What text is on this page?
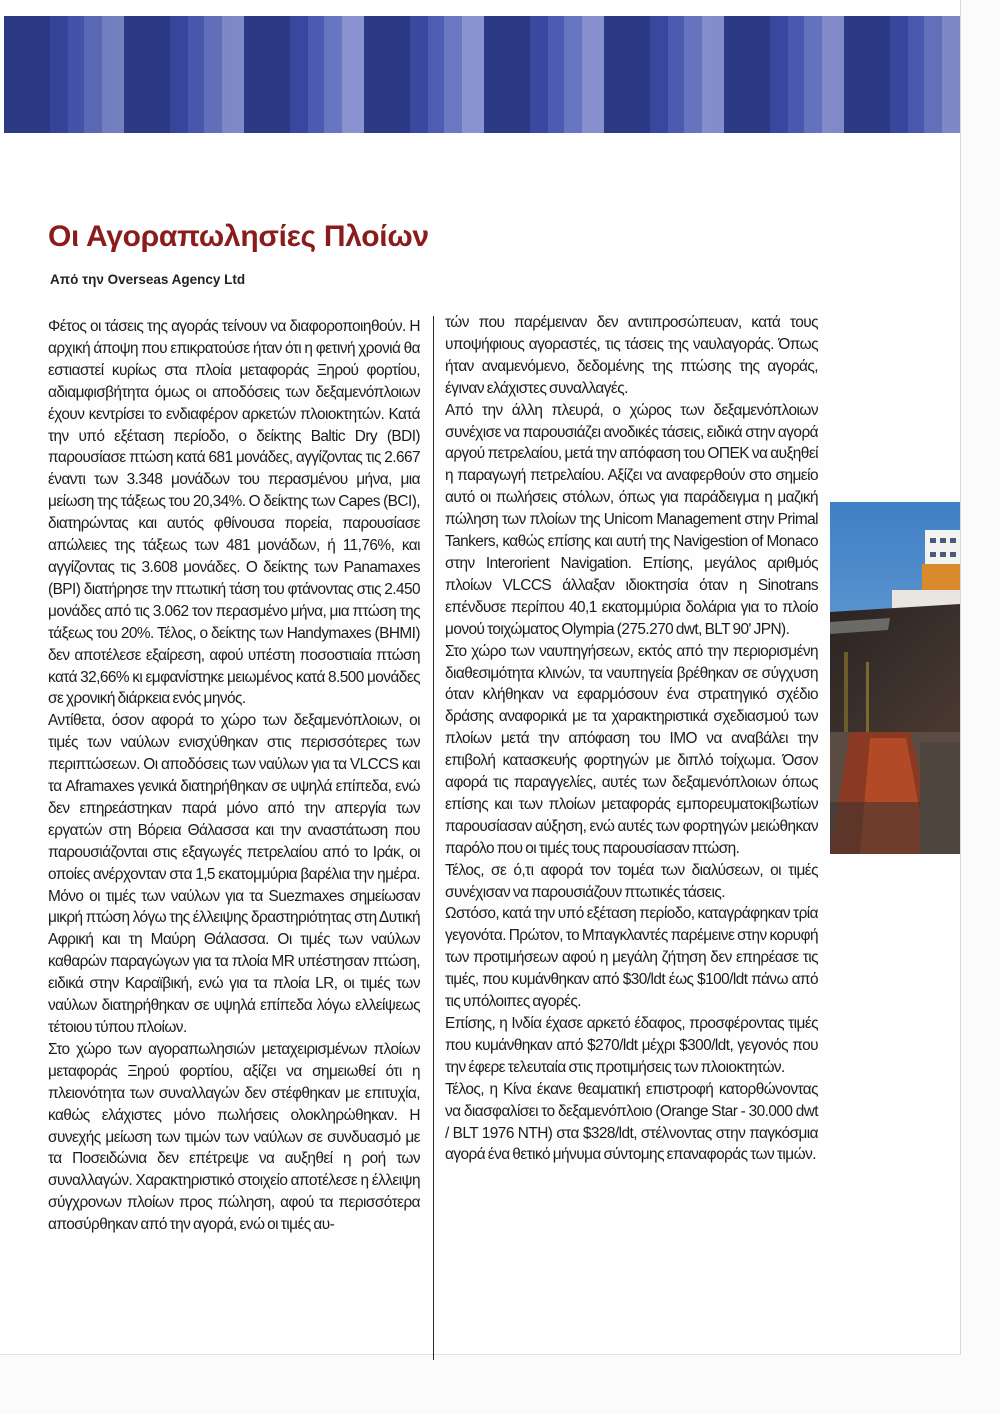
Οι Αγοραπωλησίες Πλοίων
Από την Overseas Agency Ltd

Φέτος οι τάσεις της αγοράς τείνουν να διαφοροποιηθούν. Η αρχική άποψη που επικρατούσε ήταν ότι η φετινή χρονιά θα εστιαστεί κυρίως στα πλοία μεταφοράς Ξηρού φορτίου, αδιαμφισβήτητα όμως οι αποδόσεις των δεξαμενόπλοιων έχουν κεντρίσει το ενδιαφέρον αρκετών πλοιοκτητών. Κατά την υπό εξέταση περίοδο, ο δείκτης Baltic Dry (BDI) παρουσίασε πτώση κατά 681 μονάδες, αγγίζοντας τις 2.667 έναντι των 3.348 μονάδων του περασμένου μήνα, μια μείωση της τάξεως του 20,34%. Ο δείκτης των Capes (BCI), διατηρώντας και αυτός φθίνουσα πορεία, παρουσίασε απώλειες της τάξεως των 481 μονάδων, ή 11,76%, και αγγίζοντας τις 3.608 μονάδες. Ο δείκτης των Panamaxes (BPI) διατήρησε την πτωτική τάση του φτάνοντας στις 2.450 μονάδες από τις 3.062 τον περασμένο μήνα, μια πτώση της τάξεως του 20%. Τέλος, ο δείκτης των Handymaxes (BHMI) δεν αποτέλεσε εξαίρεση, αφού υπέστη ποσοστιαία πτώση κατά 32,66% κι εμφανίστηκε μειωμένος κατά 8.500 μονάδες σε χρονική διάρκεια ενός μηνός.

Αντίθετα, όσον αφορά το χώρο των δεξαμενόπλοιων, οι τιμές των ναύλων ενισχύθηκαν στις περισσότερες των περιπτώσεων. Οι αποδόσεις των ναύλων για τα VLCCS και τα Aframaxes γενικά διατηρήθηκαν σε υψηλά επίπεδα, ενώ δεν επηρεάστηκαν παρά μόνο από την απεργία των εργατών στη Βόρεια Θάλασσα και την αναστάτωση που παρουσιάζονται στις εξαγωγές πετρελαίου από το Ιράκ, οι οποίες ανέρχονταν στα 1,5 εκατομμύρια βαρέλια την ημέρα. Μόνο οι τιμές των ναύλων για τα Suezmaxes σημείωσαν μικρή πτώση λόγω της έλλειψης δραστηριότητας στη Δυτική Αφρική και τη Μαύρη Θάλασσα. Οι τιμές των ναύλων καθαρών παραγώγων για τα πλοία MR υπέστησαν πτώση, ειδικά στην Καραϊβική, ενώ για τα πλοία LR, οι τιμές των ναύλων διατηρήθηκαν σε υψηλά επίπεδα λόγω ελλείψεως τέτοιου τύπου πλοίων.

Στο χώρο των αγοραπωλησιών μεταχειρισμένων πλοίων μεταφοράς Ξηρού φορτίου, αξίζει να σημειωθεί ότι η πλειονότητα των συναλλαγών δεν στέφθηκαν με επιτυχία, καθώς ελάχιστες μόνο πωλήσεις ολοκληρώθηκαν. Η συνεχής μείωση των τιμών των ναύλων σε συνδυασμό με τα Ποσειδώνια δεν επέτρεψε να αυξηθεί η ροή των συναλλαγών. Χαρακτηριστικό στοιχείο αποτέλεσε η έλλειψη σύγχρονων πλοίων προς πώληση, αφού τα περισσότερα αποσύρθηκαν από την αγορά, ενώ οι τιμές αυ-

τών που παρέμειναν δεν αντιπροσώπευαν, κατά τους υποψήφιους αγοραστές, τις τάσεις της ναυλαγοράς. Όπως ήταν αναμενόμενο, δεδομένης της πτώσης της αγοράς, έγιναν ελάχιστες συναλλαγές.

Από την άλλη πλευρά, ο χώρος των δεξαμενόπλοιων συνέχισε να παρουσιάζει ανοδικές τάσεις, ειδικά στην αγορά αργού πετρελαίου, μετά την απόφαση του ΟΠΕΚ να αυξηθεί η παραγωγή πετρελαίου. Αξίζει να αναφερθούν στο σημείο αυτό οι πωλήσεις στόλων, όπως για παράδειγμα η μαζική πώληση των πλοίων της Unicom Management στην Primal Tankers, καθώς επίσης και αυτή της Navigestion of Monaco στην Interorient Navigation. Επίσης, μεγάλος αριθμός πλοίων VLCCS άλλαξαν ιδιοκτησία όταν η Sinotrans επένδυσε περίπου 40,1 εκατομμύρια δολάρια για το πλοίο μονού τοιχώματος Olympia (275.270 dwt, BLT 90' JPN).

Στο χώρο των ναυπηγήσεων, εκτός από την περιορισμένη διαθεσιμότητα κλινών, τα ναυπηγεία βρέθηκαν σε σύγχυση όταν κλήθηκαν να εφαρμόσουν ένα στρατηγικό σχέδιο δράσης αναφορικά με τα χαρακτηριστικά σχεδιασμού των πλοίων μετά την απόφαση του IMO να αναβάλει την επιβολή κατασκευής φορτηγών με διπλό τοίχωμα. Όσον αφορά τις παραγγελίες, αυτές των δεξαμενόπλοιων όπως επίσης και των πλοίων μεταφοράς εμπορευματοκιβωτίων παρουσίασαν αύξηση, ενώ αυτές των φορτηγών μειώθηκαν παρόλο που οι τιμές τους παρουσίασαν πτώση.

Τέλος, σε ό,τι αφορά τον τομέα των διαλύσεων, οι τιμές συνέχισαν να παρουσιάζουν πτωτικές τάσεις.

Ωστόσο, κατά την υπό εξέταση περίοδο, καταγράφηκαν τρία γεγονότα. Πρώτον, το Μπαγκλαντές παρέμεινε στην κορυφή των προτιμήσεων αφού η μεγάλη ζήτηση δεν επηρέασε τις τιμές, που κυμάνθηκαν από $30/ldt έως $100/ldt πάνω από τις υπόλοιπες αγορές.

Επίσης, η Ινδία έχασε αρκετό έδαφος, προσφέροντας τιμές που κυμάνθηκαν από $270/ldt μέχρι $300/ldt, γεγονός που την έφερε τελευταία στις προτιμήσεις των πλοιοκτητών.

Τέλος, η Κίνα έκανε θεαματική επιστροφή κατορθώνοντας να διασφαλίσει το δεξαμενόπλοιο (Orange Star - 30.000 dwt / BLT 1976 NTH) στα $328/ldt, στέλνοντας στην παγκόσμια αγορά ένα θετικό μήνυμα σύντομης επαναφοράς των τιμών.
